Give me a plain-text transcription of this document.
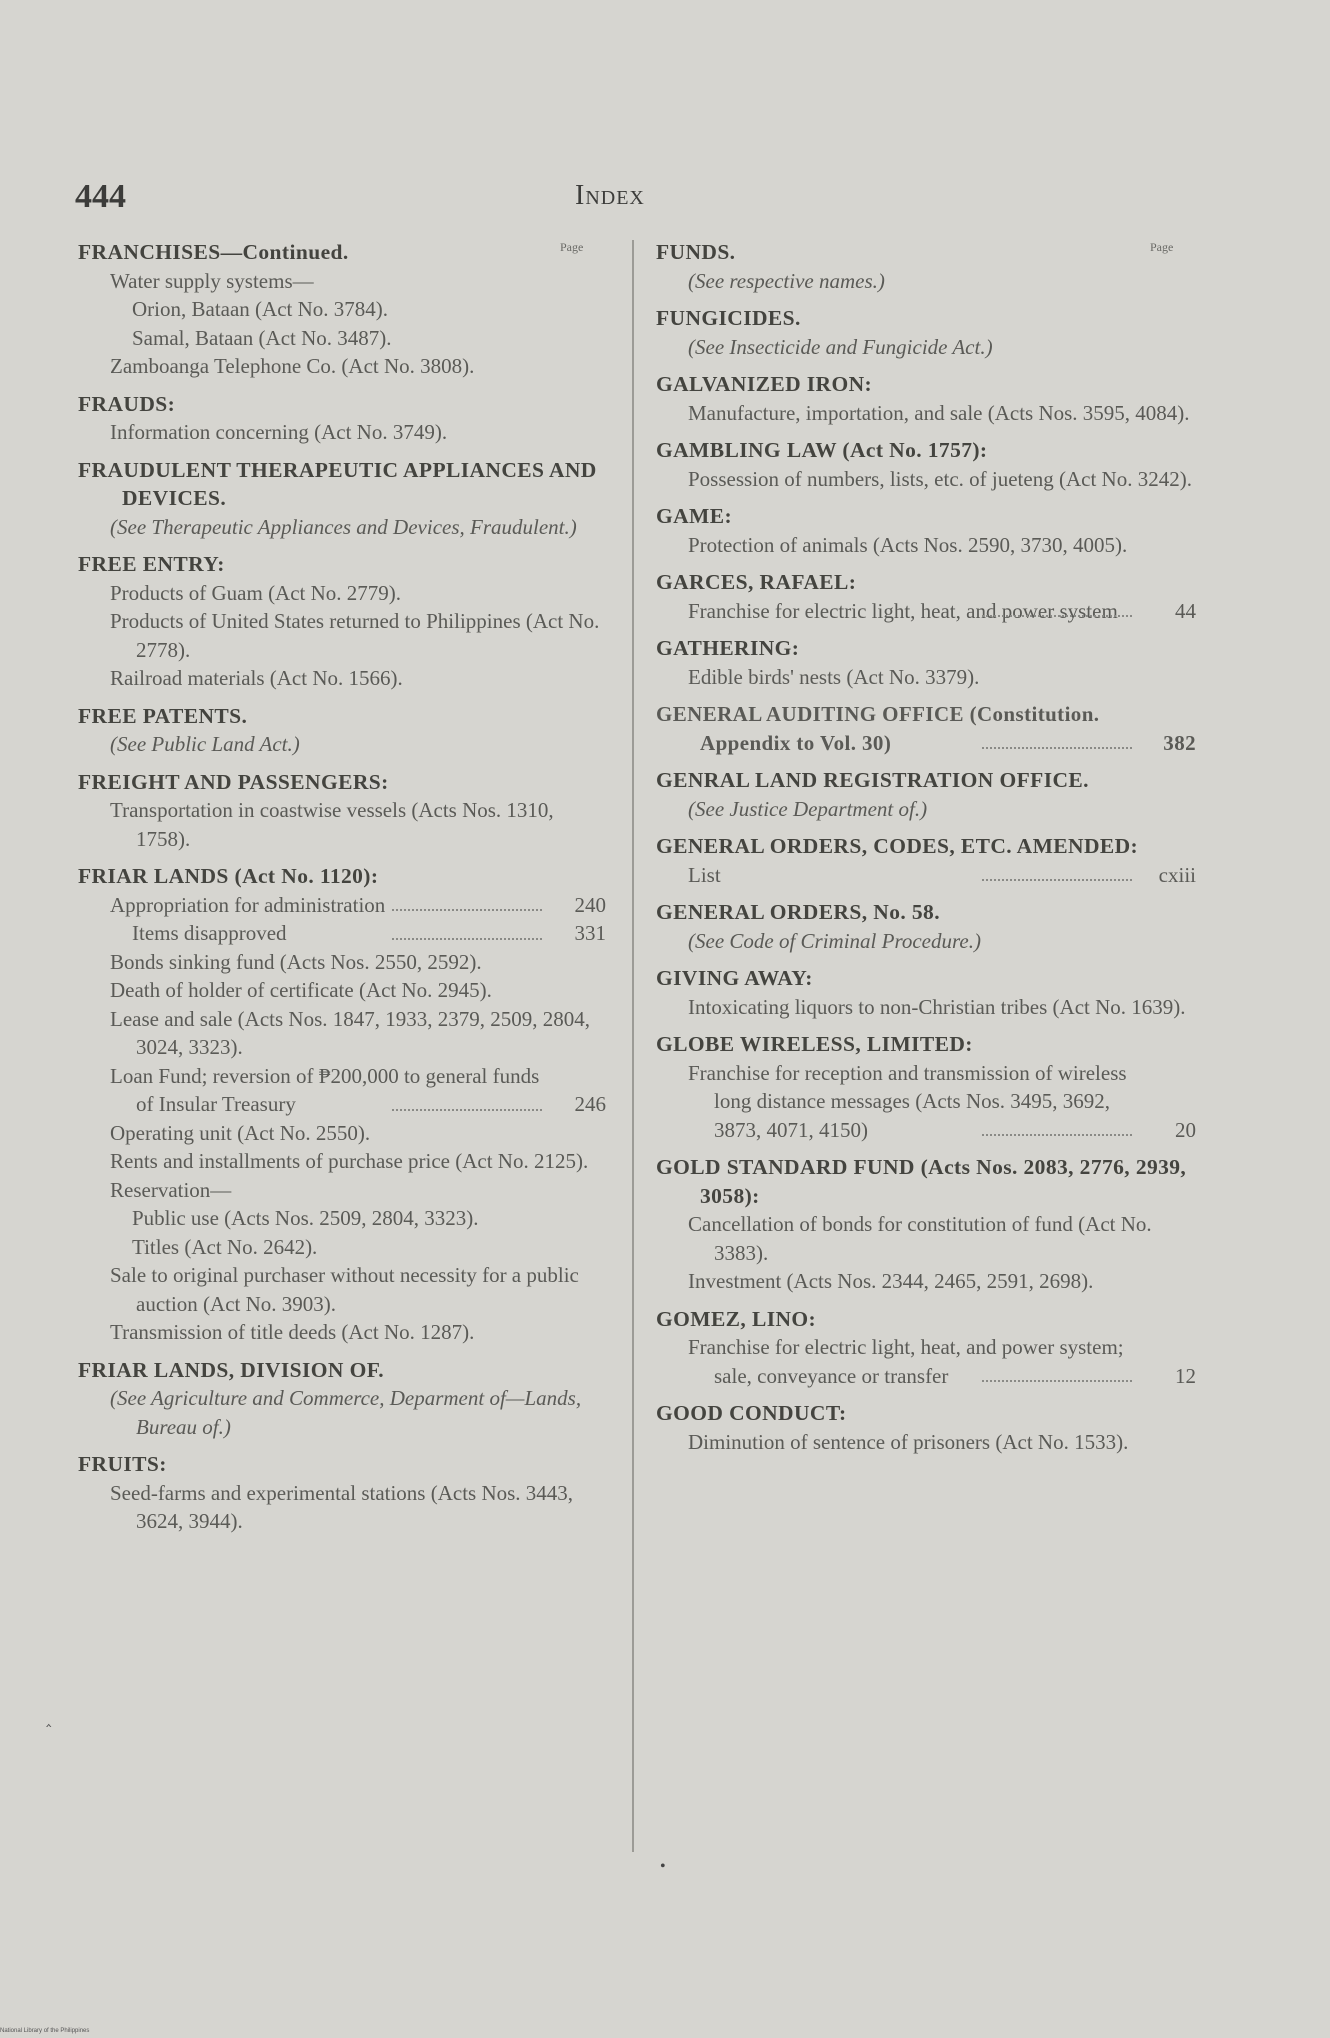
444	Index
Page	Page
FRANCHISES—Continued.
Water supply systems—
Orion, Bataan (Act No. 3784).
Samal, Bataan (Act No. 3487).
Zamboanga Telephone Co. (Act No. 3808).
FRAUDS:
Information concerning (Act No. 3749).
FRAUDULENT THERAPEUTIC APPLIANCES AND DEVICES.
(See Therapeutic Appliances and Devices, Fraudulent.)
FREE ENTRY:
Products of Guam (Act No. 2779).
Products of United States returned to Philippines (Act No. 2778).
Railroad materials (Act No. 1566).
FREE PATENTS.
(See Public Land Act.)
FREIGHT AND PASSENGERS:
Transportation in coastwise vessels (Acts Nos. 1310, 1758).
FRIAR LANDS (Act No. 1120):
Appropriation for administration	240
Items disapproved	331
Bonds sinking fund (Acts Nos. 2550, 2592).
Death of holder of certificate (Act No. 2945).
Lease and sale (Acts Nos. 1847, 1933, 2379, 2509, 2804, 3024, 3323).
Loan Fund; reversion of ₱200,000 to general funds of Insular Treasury	246
Operating unit (Act No. 2550).
Rents and installments of purchase price (Act No. 2125).
Reservation—
Public use (Acts Nos. 2509, 2804, 3323).
Titles (Act No. 2642).
Sale to original purchaser without necessity for a public auction (Act No. 3903).
Transmission of title deeds (Act No. 1287).
FRIAR LANDS, DIVISION OF.
(See Agriculture and Commerce, Deparment of—Lands, Bureau of.)
FRUITS:
Seed-farms and experimental stations (Acts Nos. 3443, 3624, 3944).
FUNDS.
(See respective names.)
FUNGICIDES.
(See Insecticide and Fungicide Act.)
GALVANIZED IRON:
Manufacture, importation, and sale (Acts Nos. 3595, 4084).
GAMBLING LAW (Act No. 1757):
Possession of numbers, lists, etc. of jueteng (Act No. 3242).
GAME:
Protection of animals (Acts Nos. 2590, 3730, 4005).
GARCES, RAFAEL:
Franchise for electric light, heat, and power system	44
GATHERING:
Edible birds' nests (Act No. 3379).
GENERAL AUDITING OFFICE (Constitution. Appendix to Vol. 30)	382
GENRAL LAND REGISTRATION OFFICE.
(See Justice Department of.)
GENERAL ORDERS, CODES, ETC. AMENDED:
List	cxiii
GENERAL ORDERS, No. 58.
(See Code of Criminal Procedure.)
GIVING AWAY:
Intoxicating liquors to non-Christian tribes (Act No. 1639).
GLOBE WIRELESS, LIMITED:
Franchise for reception and transmission of wireless long distance messages (Acts Nos. 3495, 3692, 3873, 4071, 4150)	20
GOLD STANDARD FUND (Acts Nos. 2083, 2776, 2939, 3058):
Cancellation of bonds for constitution of fund (Act No. 3383).
Investment (Acts Nos. 2344, 2465, 2591, 2698).
GOMEZ, LINO:
Franchise for electric light, heat, and power system; sale, conveyance or transfer	12
GOOD CONDUCT:
Diminution of sentence of prisoners (Act No. 1533).
‸
•
National Library of the Philippines
